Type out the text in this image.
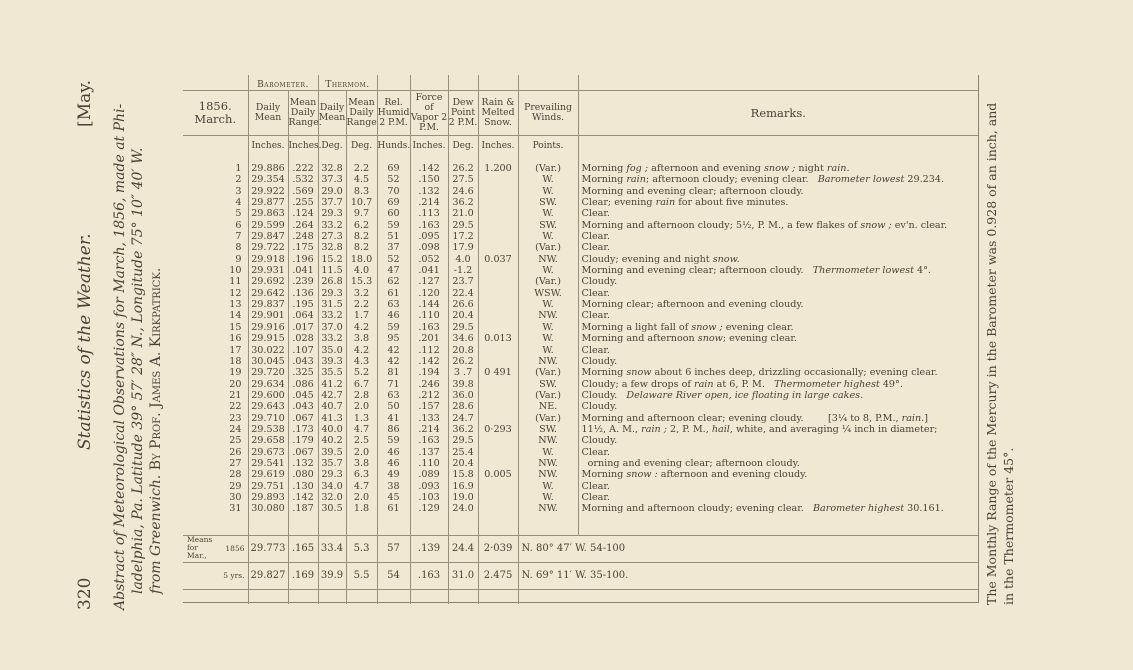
320
Statistics of the Weather.
[May.
Abstract of Meteorological Observations for March, 1856, made at Phi- ladelphia, Pa. Latitude 39° 57′ 28″ N., Longitude 75° 10″ 40′ W. from Greenwich. By Prof. James A. Kirkpatrick.	The Monthly Range of the Mercury in the Barometer was 0.928 of an inch, and in the Thermometer 45°.
	Barometer.		Thermom.							
1856. March.	Daily Mean	Mean Daily Range.	Daily Mean	Mean Daily Range	Rel. Humid 2 P.M.	Force of Vapor 2 P.M.	Dew Point 2 P.M.	Rain & Melted Snow.	Prevailing Winds.	Remarks.
	Inches.	Inches.	Deg.	Deg.	Hunds.	Inches.	Deg.	Inches.	Points.	

1	29.886	.222	32.8	2.2	69	.142	26.2	1.200	(Var.)	Morning fog ; afternoon and evening snow ; night rain.
2	29.354	.532	37.3	4.5	52	.150	27.5		W.	Morning rain; afternoon cloudy; evening clear.   Barometer lowest 29.234.
3	29.922	.569	29.0	8.3	70	.132	24.6		W.	Morning and evening clear; afternoon cloudy.
4	29.877	.255	37.7	10.7	69	.214	36.2		SW.	Clear; evening rain for about five minutes.
5	29.863	.124	29.3	9.7	60	.113	21.0		W.	Clear.
6	29.599	.264	33.2	6.2	59	.163	29.5		SW.	Morning and afternoon cloudy; 5½, P. M., a few flakes of snow ; ev'n. clear.
7	29.847	.248	27.3	8.2	51	.095	17.2		W.	Clear.
8	29.722	.175	32.8	8.2	37	.098	17.9		(Var.)	Clear.
9	29.918	.196	15.2	18.0	52	.052	4.0	0.037	NW.	Cloudy; evening and night snow.
10	29.931	.041	11.5	4.0	47	.041	-1.2		W.	Morning and evening clear; afternoon cloudy.   Thermometer lowest 4°.
11	29.692	.239	26.8	15.3	62	.127	23.7		(Var.)	Cloudy.
12	29.642	.136	29.3	3.2	61	.120	22.4		WSW.	Clear.
13	29.837	.195	31.5	2.2	63	.144	26.6		W.	Morning clear; afternoon and evening cloudy.
14	29.901	.064	33.2	1.7	46	.110	20.4		NW.	Clear.
15	29.916	.017	37.0	4.2	59	.163	29.5		W.	Morning a light fall of snow ; evening clear.
16	29.915	.028	33.2	3.8	95	.201	34.6	0.013	W.	Morning and afternoon snow; evening clear.
17	30.022	.107	35.0	4.2	42	.112	20.8		W.	Clear.
18	30.045	.043	39.3	4.3	42	.142	26.2		NW.	Cloudy.
19	29.720	.325	35.5	5.2	81	.194	3 .7	0 491	(Var.)	Morning snow about 6 inches deep, drizzling occasionally; evening clear.
20	29.634	.086	41.2	6.7	71	.246	39.8		SW.	Cloudy; a few drops of rain at 6, P. M.   Thermometer highest 49°.
21	29.600	.045	42.7	2.8	63	.212	36.0		(Var.)	Cloudy.   Delaware River open, ice floating in large cakes.
22	29.643	.043	40.7	2.0	50	.157	28.6		NE.	Cloudy.
23	29.710	.067	41.3	1.3	41	.133	24.7		(Var.)	Morning and afternoon clear; evening cloudy.        [3¼ to 8, P.M., rain.]
24	29.538	.173	40.0	4.7	86	.214	36.2	0·293	SW.	11½, A. M., rain ; 2, P. M., hail, white, and averaging ¼ inch in diameter;
25	29.658	.179	40.2	2.5	59	.163	29.5		NW.	Cloudy.
26	29.673	.067	39.5	2.0	46	.137	25.4		W.	Clear.
27	29.541	.132	35.7	3.8	46	.110	20.4		NW.	orning and evening clear; afternoon cloudy.
28	29.619	.080	29.3	6.3	49	.089	15.8	0.005	NW.	Morning snow : afternoon and evening cloudy.
29	29.751	.130	34.0	4.7	38	.093	16.9		W.	Clear.
30	29.893	.142	32.0	2.0	45	.103	19.0		W.	Clear.
31	30.080	.187	30.5	1.8	61	.129	24.0		NW.	Morning and afternoon cloudy; evening clear.   Barometer highest 30.161.

Means for Mar.,
1856	29.773	.165	33.4	5.3	57	.139	24.4	2·039	N. 80° 47′ W. 54-100	

5 yrs.	29.827	.169	39.9	5.5	54	.163	31.0	2.475	N. 69° 11′ W. 35-100.	
